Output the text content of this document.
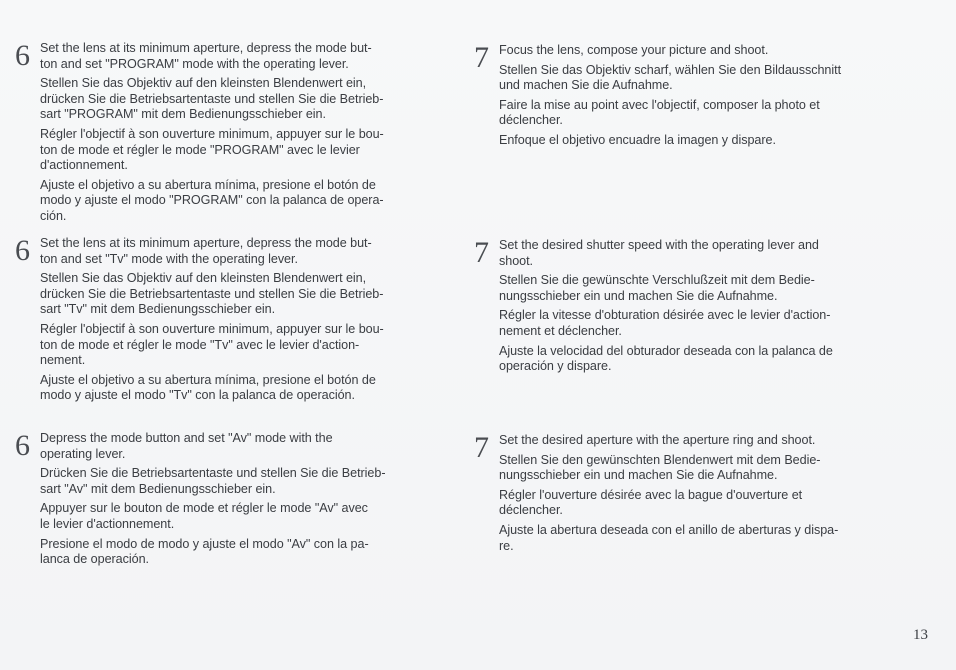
6 Set the lens at its minimum aperture, depress the mode but-
ton and set "PROGRAM" mode with the operating lever.

Stellen Sie das Objektiv auf den kleinsten Blendenwert ein,
drücken Sie die Betriebsartentaste und stellen Sie die Betrieb-
sart "PROGRAM" mit dem Bedienungsschieber ein.

Régler l'objectif à son ouverture minimum, appuyer sur le bou-
ton de mode et régler le mode "PROGRAM" avec le levier
d'actionnement.

Ajuste el objetivo a su abertura mínima, presione el botón de
modo y ajuste el modo "PROGRAM" con la palanca de opera-
ción.

6 Set the lens at its minimum aperture, depress the mode but-
ton and set "Tv" mode with the operating lever.

Stellen Sie das Objektiv auf den kleinsten Blendenwert ein,
drücken Sie die Betriebsartentaste und stellen Sie die Betrieb-
sart "Tv" mit dem Bedienungsschieber ein.

Régler l'objectif à son ouverture minimum, appuyer sur le bou-
ton de mode et régler le mode "Tv" avec le levier d'action-
nement.

Ajuste el objetivo a su abertura mínima, presione el botón de
modo y ajuste el modo "Tv" con la palanca de operación.

6 Depress the mode button and set "Av" mode with the
operating lever.

Drücken Sie die Betriebsartentaste und stellen Sie die Betrieb-
sart "Av" mit dem Bedienungsschieber ein.

Appuyer sur le bouton de mode et régler le mode "Av" avec
le levier d'actionnement.

Presione el modo de modo y ajuste el modo "Av" con la pa-
lanca de operación.

7 Focus the lens, compose your picture and shoot.

Stellen Sie das Objektiv scharf, wählen Sie den Bildausschnitt
und machen Sie die Aufnahme.

Faire la mise au point avec l'objectif, composer la photo et
déclencher.

Enfoque el objetivo encuadre la imagen y dispare.

7 Set the desired shutter speed with the operating lever and
shoot.

Stellen Sie die gewünschte Verschlußzeit mit dem Bedie-
nungsschieber ein und machen Sie die Aufnahme.

Régler la vitesse d'obturation désirée avec le levier d'action-
nement et déclencher.

Ajuste la velocidad del obturador deseada con la palanca de
operación y dispare.

7 Set the desired aperture with the aperture ring and shoot.

Stellen Sie den gewünschten Blendenwert mit dem Bedie-
nungsschieber ein und machen Sie die Aufnahme.

Régler l'ouverture désirée avec la bague d'ouverture et
déclencher.

Ajuste la abertura deseada con el anillo de aberturas y dispa-
re.

13
